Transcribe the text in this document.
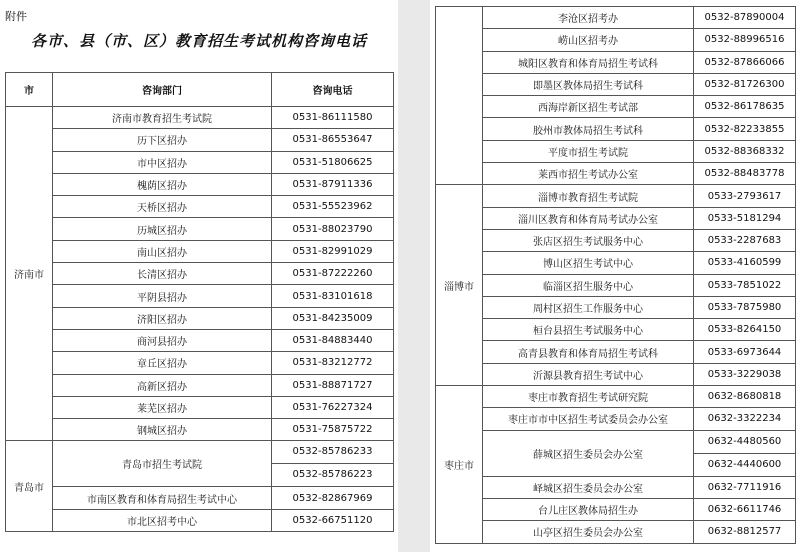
附件
各市、县（市、区）教育招生考试机构咨询电话
市	咨询部门	咨询电话
济南市	济南市教育招生考试院	0531-86111580
	历下区招办	0531-86553647
	市中区招办	0531-51806625
	槐荫区招办	0531-87911336
	天桥区招办	0531-55523962
	历城区招办	0531-88023790
	南山区招办	0531-82991029
	长清区招办	0531-87222260
	平阴县招办	0531-83101618
	济阳区招办	0531-84235009
	商河县招办	0531-84883440
	章丘区招办	0531-83212772
	高新区招办	0531-88871727
	莱芜区招办	0531-76227324
	钢城区招办	0531-75875722
青岛市	青岛市招生考试院	0532-85786233
0532-85786223

	市南区教育和体育局招生考试中心	0532-82867969
	市北区招考中心	0532-66751120
	李沧区招考办	0532-87890004
	崂山区招考办	0532-88996516
	城阳区教育和体育局招生考试科	0532-87866066
	即墨区教体局招生考试科	0532-81726300
	西海岸新区招生考试部	0532-86178635
	胶州市教体局招生考试科	0532-82233855
	平度市招生考试院	0532-88368332
	莱西市招生考试办公室	0532-88483778
淄博市	淄博市教育招生考试院	0533-2793617
	淄川区教育和体育局考试办公室	0533-5181294
	张店区招生考试服务中心	0533-2287683
	博山区招生考试中心	0533-4160599
	临淄区招生服务中心	0533-7851022
	周村区招生工作服务中心	0533-7875980
	桓台县招生考试服务中心	0533-8264150
	高青县教育和体育局招生考试科	0533-6973644
	沂源县教育招生考试中心	0533-3229038
枣庄市	枣庄市教育招生考试研究院	0632-8680818
	枣庄市市中区招生考试委员会办公室	0632-3322234
	薛城区招生委员会办公室	0632-4480560
0632-4440600

	峄城区招生委员会办公室	0632-7711916
	台儿庄区教体局招生办	0632-6611746
	山亭区招生委员会办公室	0632-8812577
